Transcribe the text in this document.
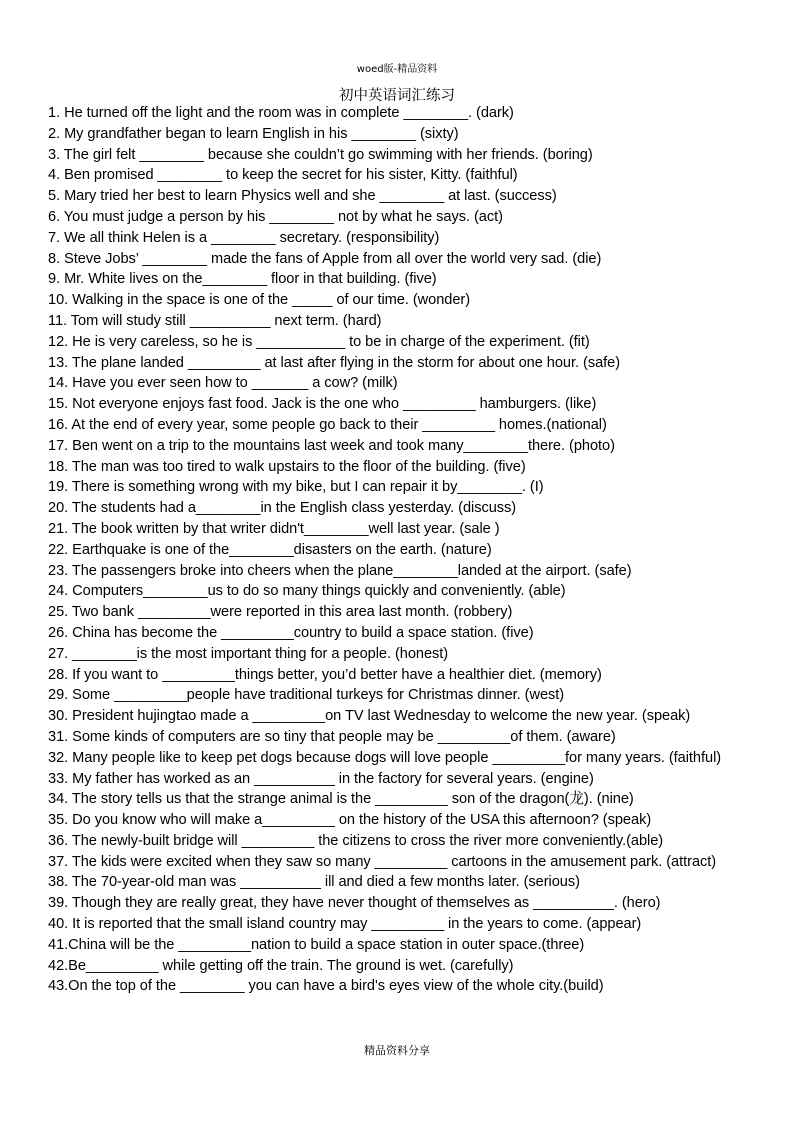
woed版-精品资料
初中英语词汇练习
1. He turned off the light and the room was in complete ________. (dark)
2. My grandfather began to learn English in his ________ (sixty)
3. The girl felt ________ because she couldn’t go swimming with her friends. (boring)
4. Ben promised ________ to keep the secret for his sister, Kitty. (faithful)
5. Mary tried her best to learn Physics well and she ________ at last. (success)
6. You must judge a person by his ________ not by what he says. (act)
7. We all think Helen is a ________ secretary. (responsibility)
8. Steve Jobs’ ________ made the fans of Apple from all over the world very sad. (die)
9. Mr. White lives on the________ floor in that building. (five)
10. Walking in the space is one of the _____ of our time. (wonder)
11. Tom will study still __________ next term. (hard)
12. He is very careless, so he is ___________ to be in charge of the experiment. (fit)
13. The plane landed _________ at last after flying in the storm for about one hour. (safe)
14. Have you ever seen how to _______ a cow? (milk)
15. Not everyone enjoys fast food. Jack is the one who _________ hamburgers. (like)
16. At the end of every year, some people go back to their _________ homes.(national)
17. Ben went on a trip to the mountains last week and took many________there. (photo)
18. The man was too tired to walk upstairs to the floor of the building. (five)
19. There is something wrong with my bike, but I can repair it by________. (I)
20. The students had a________in the English class yesterday. (discuss)
21. The book written by that writer didn't________well last year. (sale )
22. Earthquake is one of the________disasters on the earth. (nature)
23. The passengers broke into cheers when the plane________landed at the airport. (safe)
24. Computers________us to do so many things quickly and conveniently. (able)
25. Two bank _________were reported in this area last month. (robbery)
26. China has become the _________country to build a space station. (five)
27. ________is the most important thing for a people. (honest)
28. If you want to _________things better, you’d better have a healthier diet. (memory)
29. Some _________people have traditional turkeys for Christmas dinner. (west)
30. President hujingtao made a _________on TV last Wednesday to welcome the new year. (speak)
31. Some kinds of computers are so tiny that people may be _________of them. (aware)
32. Many people like to keep pet dogs because dogs will love people _________for many years. (faithful)
33. My father has worked as an __________ in the factory for several years. (engine)
34. The story tells us that the strange animal is the _________ son of the dragon(龙). (nine)
35. Do you know who will make a_________ on the history of the USA this afternoon? (speak)
36. The newly-built bridge will _________ the citizens to cross the river more conveniently.(able)
37. The kids were excited when they saw so many _________ cartoons in the amusement park. (attract)
38. The 70-year-old man was __________ ill and died a few months later. (serious)
39. Though they are really great, they have never thought of themselves as __________. (hero)
40. It is reported that the small island country may _________ in the years to come. (appear)
41.China will be the _________nation to build a space station in outer space.(three)
42.Be_________ while getting off the train. The ground is wet. (carefully)
43.On the top of the ________ you can have a bird's eyes view of the whole city.(build)
精品资料分享
